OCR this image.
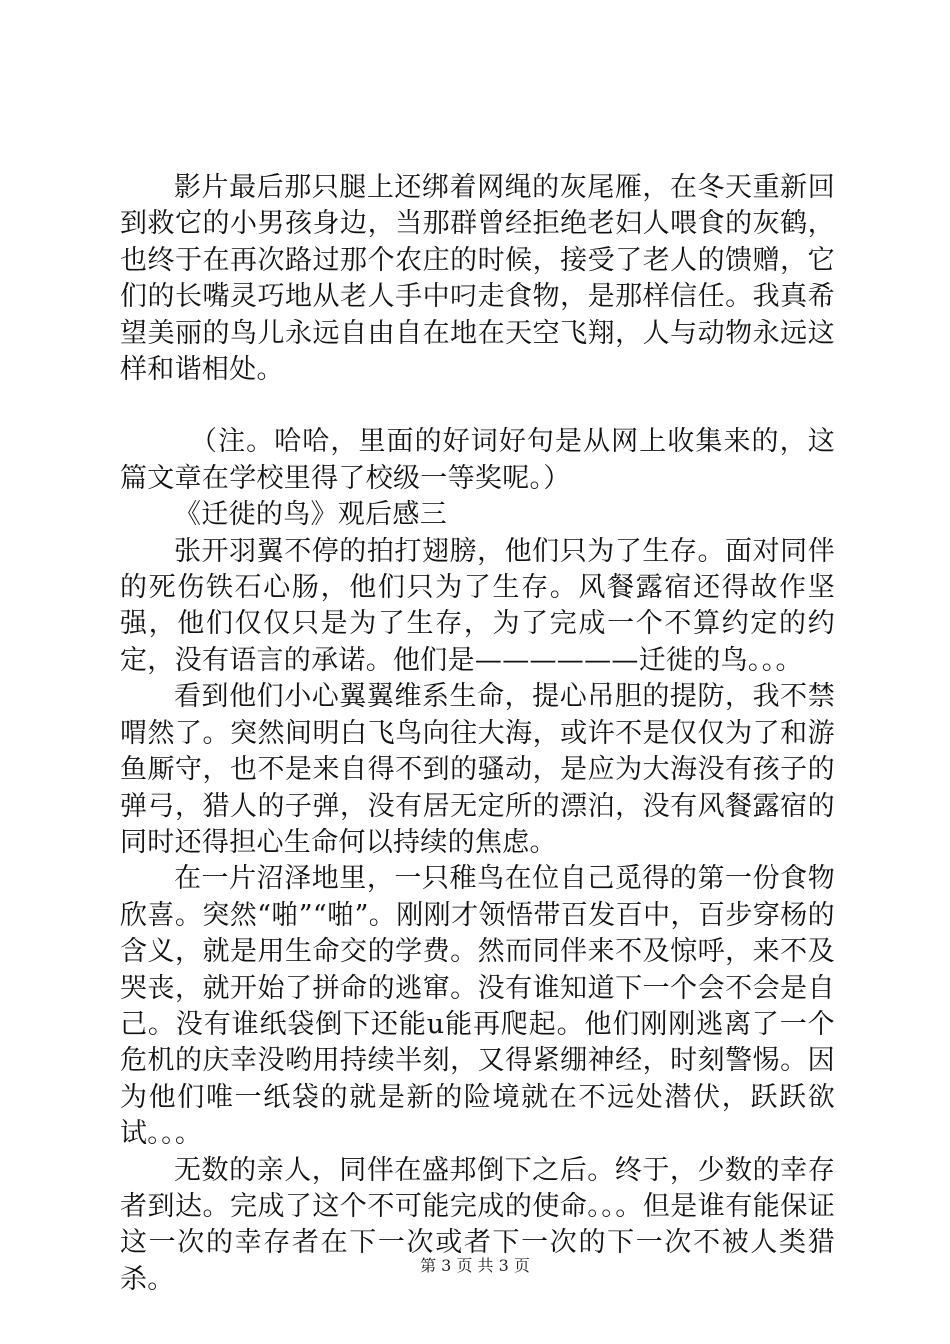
影片最后那只腿上还绑着网绳的灰尾雁，在冬天重新回到救它的小男孩身边，当那群曾经拒绝老妇人喂食的灰鹤，也终于在再次路过那个农庄的时候，接受了老人的馈赠，它们的长嘴灵巧地从老人手中叼走食物，是那样信任。我真希望美丽的鸟儿永远自由自在地在天空飞翔，人与动物永远这样和谐相处。

（注。哈哈，里面的好词好句是从网上收集来的，这篇文章在学校里得了校级一等奖呢。）

《迁徙的鸟》观后感三

张开羽翼不停的拍打翅膀，他们只为了生存。面对同伴的死伤铁石心肠，他们只为了生存。风餐露宿还得故作坚强，他们仅仅只是为了生存，为了完成一个不算约定的约定，没有语言的承诺。他们是——————迁徙的鸟。。。

看到他们小心翼翼维系生命，提心吊胆的提防，我不禁喟然了。突然间明白飞鸟向往大海，或许不是仅仅为了和游鱼厮守，也不是来自得不到的骚动，是应为大海没有孩子的弹弓，猎人的子弹，没有居无定所的漂泊，没有风餐露宿的同时还得担心生命何以持续的焦虑。

在一片沼泽地里，一只稚鸟在位自己觅得的第一份食物欣喜。突然“啪”“啪”。刚刚才领悟带百发百中，百步穿杨的含义，就是用生命交的学费。然而同伴来不及惊呼，来不及哭丧，就开始了拼命的逃窜。没有谁知道下一个会不会是自己。没有谁纸袋倒下还能u能再爬起。他们刚刚逃离了一个危机的庆幸没哟用持续半刻，又得紧绷神经，时刻警惕。因为他们唯一纸袋的就是新的险境就在不远处潜伏，跃跃欲试。。。

无数的亲人，同伴在盛邦倒下之后。终于，少数的幸存者到达。完成了这个不可能完成的使命。。。但是谁有能保证这一次的幸存者在下一次或者下一次的下一次不被人类猎杀。	第 3 页 共 3 页
